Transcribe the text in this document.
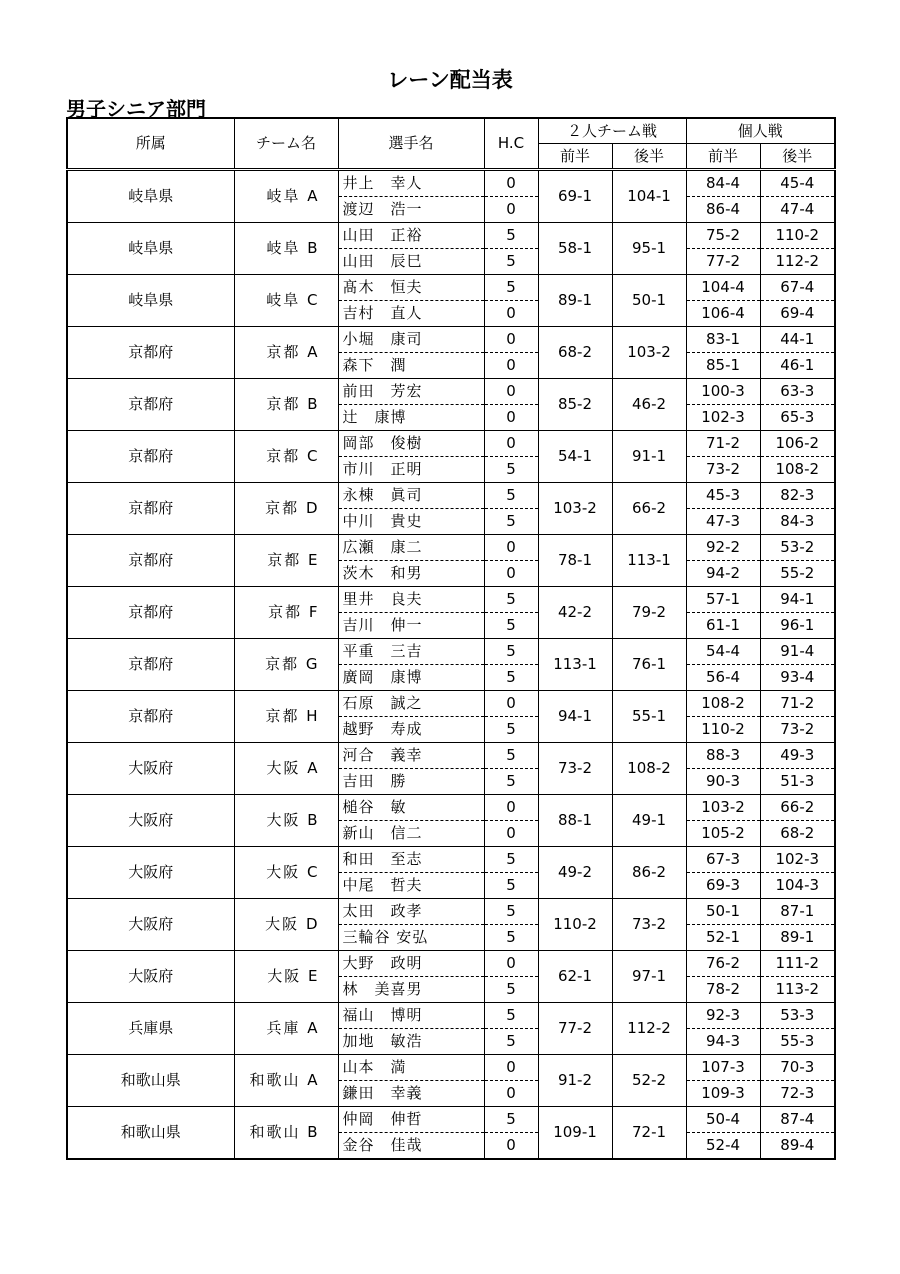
レーン配当表
男子シニア部門
所属	チーム名	選手名	H.C	２人チーム戦		個人戦	
				前半	後半	前半	後半
岐阜県	岐阜 A	井上　幸人	0	69-1	104-1	84-4	45-4
		渡辺　浩一	0			86-4	47-4
岐阜県	岐阜 B	山田　正裕	5	58-1	95-1	75-2	110-2
		山田　辰巳	5			77-2	112-2
岐阜県	岐阜 C	髙木　恒夫	5	89-1	50-1	104-4	67-4
		吉村　直人	0			106-4	69-4
京都府	京都 A	小堀　康司	0	68-2	103-2	83-1	44-1
		森下　潤	0			85-1	46-1
京都府	京都 B	前田　芳宏	0	85-2	46-2	100-3	63-3
		辻　康博	0			102-3	65-3
京都府	京都 C	岡部　俊樹	0	54-1	91-1	71-2	106-2
		市川　正明	5			73-2	108-2
京都府	京都 D	永棟　眞司	5	103-2	66-2	45-3	82-3
		中川　貴史	5			47-3	84-3
京都府	京都 E	広瀬　康二	0	78-1	113-1	92-2	53-2
		茨木　和男	0			94-2	55-2
京都府	京都 F	里井　良夫	5	42-2	79-2	57-1	94-1
		吉川　伸一	5			61-1	96-1
京都府	京都 G	平重　三吉	5	113-1	76-1	54-4	91-4
		廣岡　康博	5			56-4	93-4
京都府	京都 H	石原　誠之	0	94-1	55-1	108-2	71-2
		越野　寿成	5			110-2	73-2
大阪府	大阪 A	河合　義幸	5	73-2	108-2	88-3	49-3
		吉田　勝	5			90-3	51-3
大阪府	大阪 B	槌谷　敏	0	88-1	49-1	103-2	66-2
		新山　信二	0			105-2	68-2
大阪府	大阪 C	和田　至志	5	49-2	86-2	67-3	102-3
		中尾　哲夫	5			69-3	104-3
大阪府	大阪 D	太田　政孝	5	110-2	73-2	50-1	87-1
		三輪谷 安弘	5			52-1	89-1
大阪府	大阪 E	大野　政明	0	62-1	97-1	76-2	111-2
		林　美喜男	5			78-2	113-2
兵庫県	兵庫 A	福山　博明	5	77-2	112-2	92-3	53-3
		加地　敏浩	5			94-3	55-3
和歌山県	和歌山 A	山本　満	0	91-2	52-2	107-3	70-3
		鎌田　幸義	0			109-3	72-3
和歌山県	和歌山 B	仲岡　伸哲	5	109-1	72-1	50-4	87-4
		金谷　佳哉	0			52-4	89-4
